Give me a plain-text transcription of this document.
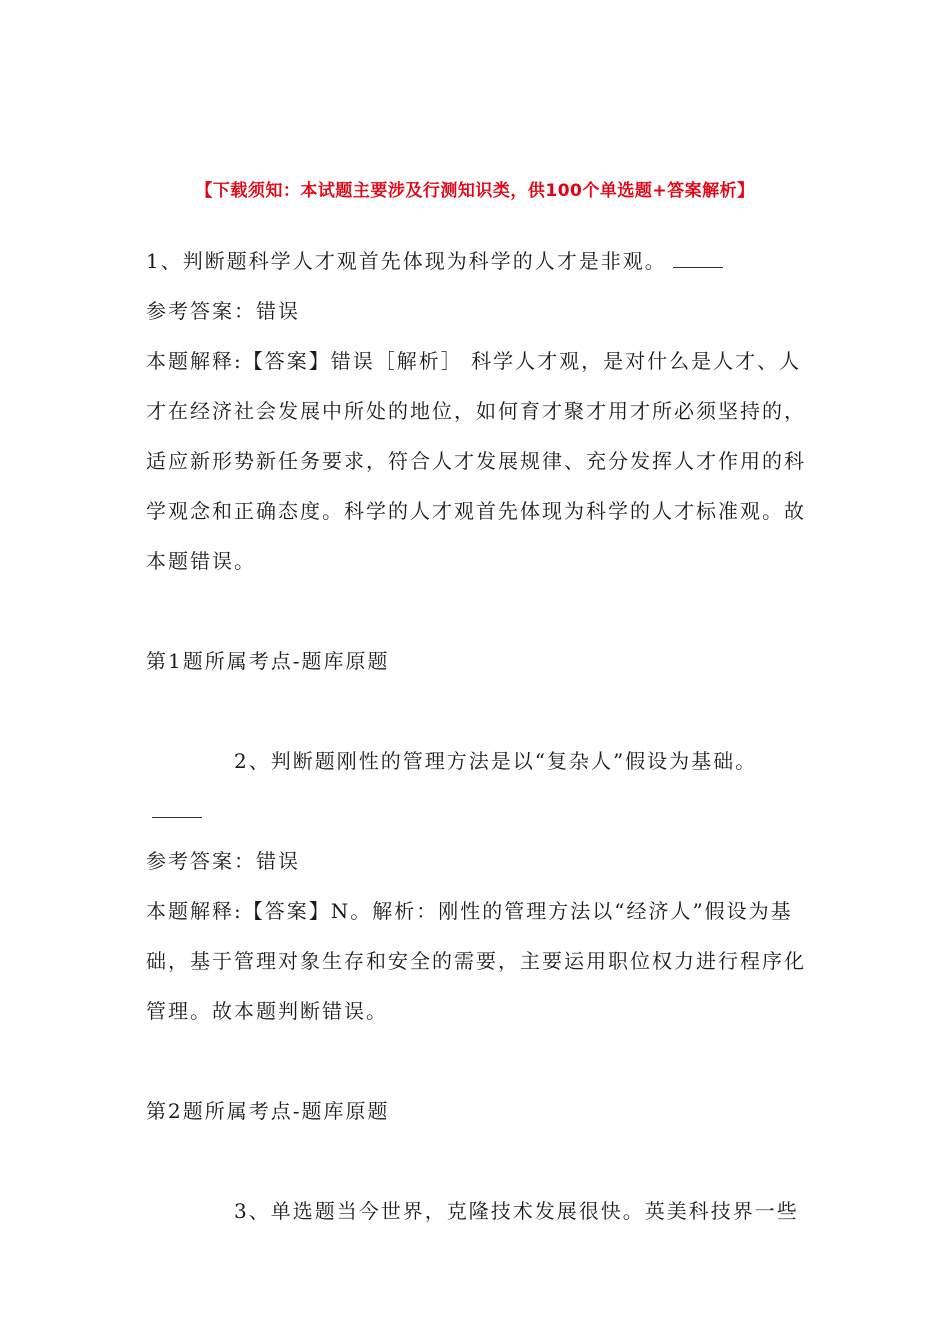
【下载须知：本试题主要涉及行测知识类，供100个单选题+答案解析】

1、判断题科学人才观首先体现为科学的人才是非观。

参考答案：错误

本题解释:【答案】错误［解析］ 科学人才观，是对什么是人才、人才在经济社会发展中所处的地位，如何育才聚才用才所必须坚持的，适应新形势新任务要求，符合人才发展规律、充分发挥人才作用的科学观念和正确态度。科学的人才观首先体现为科学的人才标准观。故本题错误。

第1题所属考点-题库原题

2、判断题刚性的管理方法是以“复杂人”假设为基础。

参考答案：错误

本题解释:【答案】N。解析：刚性的管理方法以“经济人”假设为基础，基于管理对象生存和安全的需要，主要运用职位权力进行程序化管理。故本题判断错误。

第2题所属考点-题库原题

3、单选题当今世界，克隆技术发展很快。英美科技界一些
